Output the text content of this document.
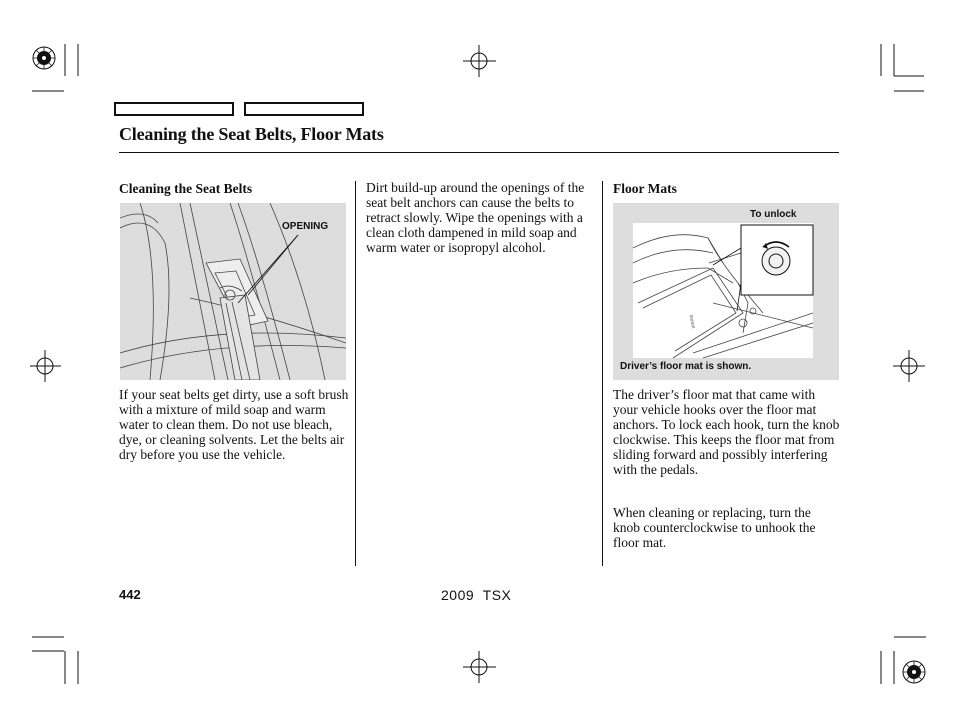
Cleaning the Seat Belts, Floor Mats
Cleaning the Seat Belts
OPENING
If your seat belts get dirty, use a soft brush with a mixture of mild soap and warm water to clean them. Do not use bleach, dye, or cleaning solvents. Let the belts air dry before you use the vehicle.
Dirt build-up around the openings of the seat belt anchors can cause the belts to retract slowly. Wipe the openings with a clean cloth dampened in mild soap and warm water or isopropyl alcohol.
Floor Mats
To unlock
≡≡≡≡
Driver’s floor mat is shown.
The driver’s floor mat that came with your vehicle hooks over the floor mat anchors. To lock each hook, turn the knob clockwise. This keeps the floor mat from sliding forward and possibly interfering with the pedals.
When cleaning or replacing, turn the knob counterclockwise to unhook the floor mat.
442	2009  TSX
